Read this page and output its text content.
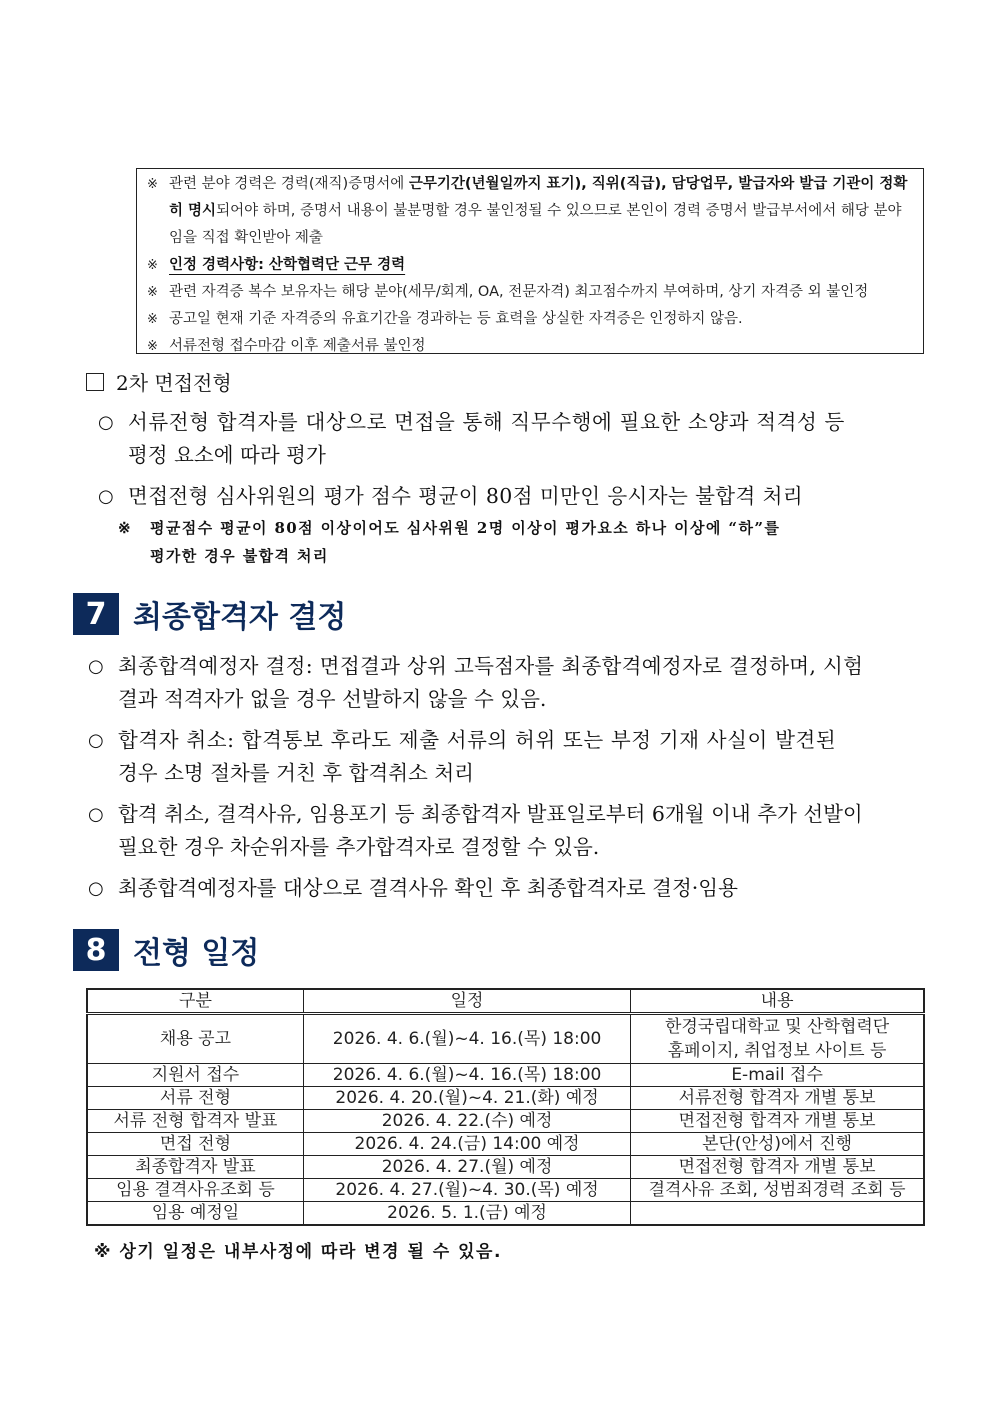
※ 관련 분야 경력은 경력(재직)증명서에 근무기간(년월일까지 표기), 직위(직급), 담당업무, 발급자와 발급 기관이 정확히 명시되어야 하며, 증명서 내용이 불분명할 경우 불인정될 수 있으므로 본인이 경력 증명서 발급부서에서 해당 분야임을 직접 확인받아 제출

※ 인정 경력사항: 산학협력단 근무 경력

※ 관련 자격증 복수 보유자는 해당 분야(세무/회계, OA, 전문자격) 최고점수까지 부여하며, 상기 자격증 외 불인정

※ 공고일 현재 기준 자격증의 유효기간을 경과하는 등 효력을 상실한 자격증은 인정하지 않음.

※ 서류전형 접수마감 이후 제출서류 불인정

2차 면접전형
○ 서류전형 합격자를 대상으로 면접을 통해 직무수행에 필요한 소양과 적격성 등
평정 요소에 따라 평가
○ 면접전형 심사위원의 평가 점수 평균이 80점 미만인 응시자는 불합격 처리
※ 평균점수 평균이 80점 이상이어도 심사위원 2명 이상이 평가요소 하나 이상에 “하”를
평가한 경우 불합격 처리
7 최종합격자 결정
○ 최종합격예정자 결정: 면접결과 상위 고득점자를 최종합격예정자로 결정하며, 시험
결과 적격자가 없을 경우 선발하지 않을 수 있음.
○ 합격자 취소: 합격통보 후라도 제출 서류의 허위 또는 부정 기재 사실이 발견된
경우 소명 절차를 거친 후 합격취소 처리
○ 합격 취소, 결격사유, 임용포기 등 최종합격자 발표일로부터 6개월 이내 추가 선발이
필요한 경우 차순위자를 추가합격자로 결정할 수 있음.
○ 최종합격예정자를 대상으로 결격사유 확인 후 최종합격자로 결정·임용
8 전형 일정
구분	일정	내용
채용 공고	2026. 4. 6.(월)~4. 16.(목) 18:00	한경국립대학교 및 산학협력단
홈페이지, 취업정보 사이트 등

지원서 접수	2026. 4. 6.(월)~4. 16.(목) 18:00	E-mail 접수
서류 전형	2026. 4. 20.(월)~4. 21.(화) 예정	서류전형 합격자 개별 통보
서류 전형 합격자 발표	2026. 4. 22.(수) 예정	면접전형 합격자 개별 통보
면접 전형	2026. 4. 24.(금) 14:00 예정	본단(안성)에서 진행
최종합격자 발표	2026. 4. 27.(월) 예정	면접전형 합격자 개별 통보
임용 결격사유조회 등	2026. 4. 27.(월)~4. 30.(목) 예정	결격사유 조회, 성범죄경력 조회 등
임용 예정일	2026. 5. 1.(금) 예정	
※ 상기 일정은 내부사정에 따라 변경 될 수 있음.
